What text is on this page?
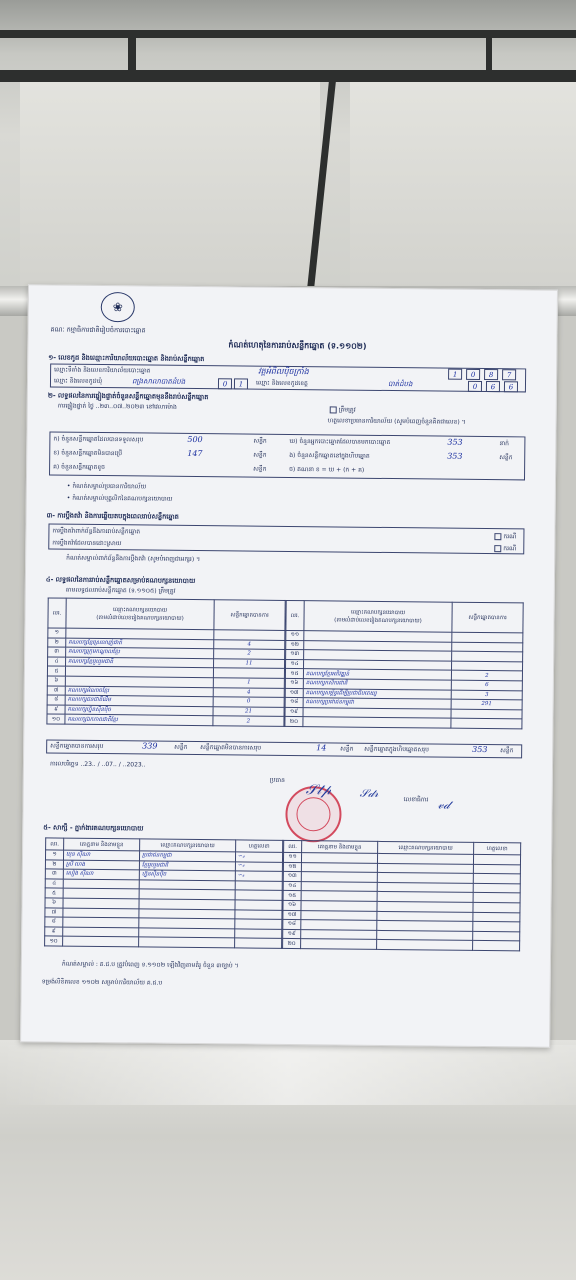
❀
គណៈ កម្មាធិការជាតិរៀបចំការបោះឆ្នោត
កំណត់ហេតុនៃការរាប់សន្លឹកឆ្នោត (ទ.១១០២)
១- លេខកូដ និងឈ្មោះការិយាល័យបោះឆ្នោត និងរាប់សន្លឹកឆ្នោត
ឈ្មោះទីតាំង និងលេខការិយាល័យបោះឆ្នោត	វត្តអំពិលប៉ិចក្រាំង	1	0	8	7
ឈ្មោះ និងលេខកូដឃុំ	ពង្រសាលាបាតដំបង	0	1	ឈ្មោះ និងលេខកូដខេត្ត	បាត់ដំបង	0	6	6
២- លទ្ធផលនៃការផ្ទៀងផ្ទាត់ចំនួនសន្លឹកឆ្នោតមុននឹងរាប់សន្លឹកឆ្នោត
ការផ្ទៀងផ្ទាត់ ថ្ងៃ ..២៣..០៧..២០២៣ នៅវេលាម៉ោង	ត្រឹមត្រូវ
ហត្ថលេខាប្រធានការិយាល័យ (សូមបំពេញចំនួនគិតជាលេខ) ។
ក) ចំនួនសន្លឹកឆ្នោតដែលបានទទួលសរុប	500	សន្លឹក
ខ) ចំនួនសន្លឹកឆ្នោតមិនបានប្រើ	147	សន្លឹក
គ) ចំនួនសន្លឹកឆ្នោតខូច	សន្លឹក
ឃ) ចំនួនអ្នកបោះឆ្នោតដែលបានមកបោះឆ្នោត	353	នាក់
ង) ចំនួនសន្លឹកឆ្នោតនៅក្នុងហិបឆ្នោត	353	សន្លឹក
ច) គណនា ខ = ឃ + (ក + គ)
• កំណត់សម្គាល់ប្រធានការិយាល័យ
• កំណត់សម្គាល់បុគ្គលិកនៃគណបក្សនយោបាយ
៣- ការប្ដឹងតវ៉ា និងការឆ្លើយតបក្នុងពេលរាប់សន្លឹកឆ្នោត
ការប្ដឹងតវ៉ាពាក់ព័ន្ធនឹងការរាប់សន្លឹកឆ្នោត
ករណី
ការប្ដឹងតវ៉ាដែលបានដោះស្រាយ
ករណី
កំណត់សម្គាល់ពាក់ព័ន្ធនឹងការប្ដឹងតវ៉ា (សូមបំពេញជាអក្សរ) ។
៤- លទ្ធផលនៃការរាប់សន្លឹកឆ្នោតសម្រាប់គណបក្សនយោបាយ
តាមលទ្ធផលរាប់សន្លឹកឆ្នោត (ទ.១១០៥) ត្រឹមត្រូវ
លរ.	ឈ្មោះគណបក្សនយោបាយ
(តាមលំដាប់លេខរៀងគណបក្សនយោបាយ)	សន្លឹកឆ្នោតបានការ
១		
២	គណបក្សខ្មែរស្រលាញ់ជាតិ	4
៣	គណបក្សក្រុមកណ្ដាលខ្មែរ	2
៤	គណបក្សខ្មែររួបរួមជាតិ	11
៥		
៦		1
៧	គណបក្សអំណាចខ្មែរ	4
៨	គណបក្សជនជាតិដើម	0
៩	គណបក្សហ្វ៊ុនស៊ិនប៉ិច	21
១០	គណបក្សឯកភាពជាតិខ្មែរ	2
លរ.	ឈ្មោះគណបក្សនយោបាយ
(តាមលំដាប់លេខរៀងគណបក្សនយោបាយ)	សន្លឹកឆ្នោតបានការ
១១		
១២		
១៣		
១៤		
១៥	គណបក្សខ្មែរអភិវឌ្ឍន៍	2
១៦	គណបក្សកសិករជាតិ	6
១៧	គណបក្សសម្ព័ន្ធដើម្បីប្រជាធិបតេយ្យ	3
១៨	គណបក្សប្រជាជនកម្ពុជា	291
១៩		
២០		
សន្លឹកឆ្នោតបានការសរុប	339	សន្លឹក សន្លឹកឆ្នោតមិនបានការសរុប	14 សន្លឹក សន្លឹកឆ្នោតក្នុងហិបឆ្នោតសរុប	353 សន្លឹក
ការលបរិច្ឆេទ ..23.. / ..07.. / ..2023..
ប្រធាន
លេខាធិការ
𝒮𝓉𝓅	𝒮𝒹𝓇
𝓋𝒹
៥- សាក្សី - ភ្នាក់ងារគណបក្សនយោបាយ
លរ.	គោត្តនាម និងនាមខ្លួន	ឈ្មោះគណបក្សនយោបាយ	ហត្ថលេខា
១	ឃុន ស៊ីណា	ប្រជាជនកម្ពុជា	∽𝓈
២	ស្រី ហេង	ខ្មែររួបរួមជាតិ	∽𝓈
៣	សៀង ស៊ីណា	ហ្វ៊ុនស៊ិនប៉ិច	∽𝓈
៤			
៥			
៦			
៧			
៨			
៩			
១០			
លរ.	គោត្តនាម និងនាមខ្លួន	ឈ្មោះគណបក្សនយោបាយ	ហត្ថលេខា
១១			
១២			
១៣			
១៤			
១៥			
១៦			
១៧			
១៨			
១៩			
២០			
កំណត់សម្គាល់ : គ.ជ.ប ត្រូវបំពេញ ទ.១១០២ ឡើងវិញតាមគំរូ ចំនួន ៣ច្បាប់ ។
ទម្រង់លិខិតលេខ ១១០២ សម្រាប់ការិយាល័យ គ.ជ.ប
